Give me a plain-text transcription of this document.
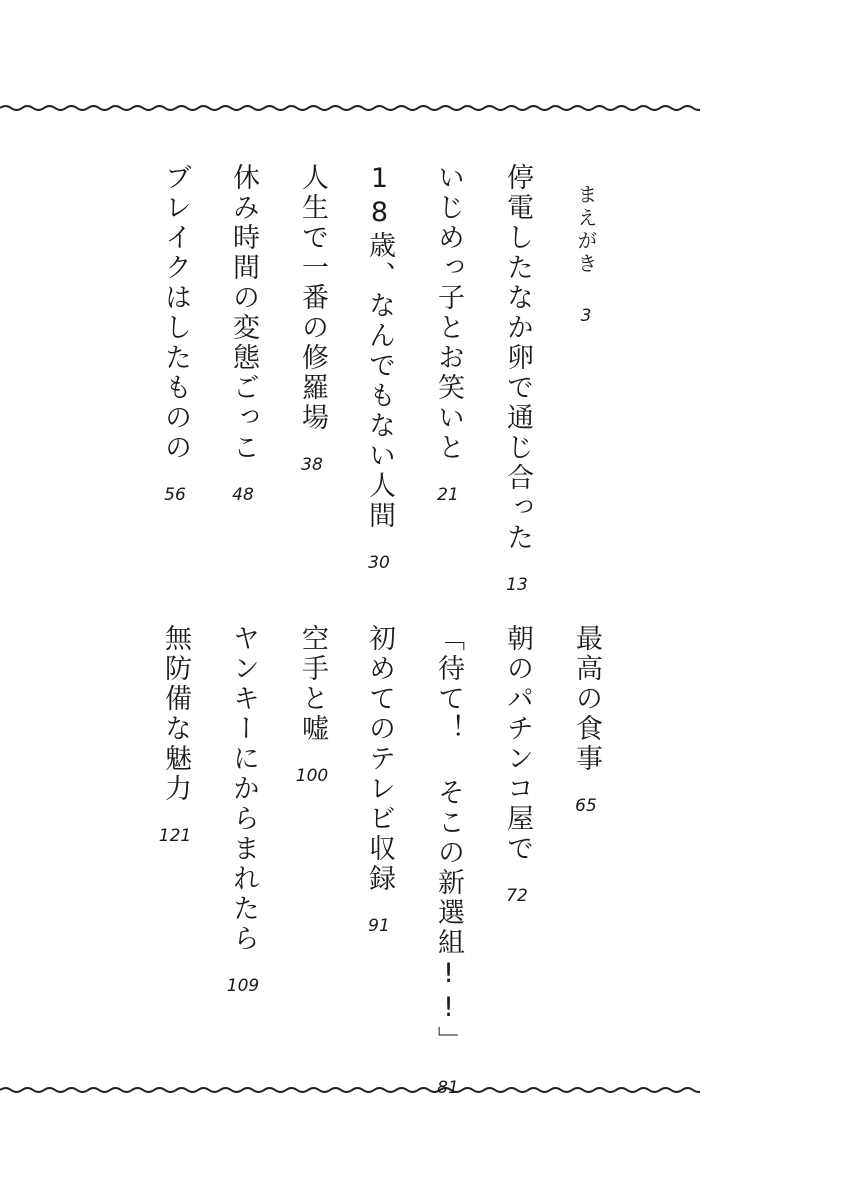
まえがき3
停電したなか卵で通じ合った13
いじめっ子とお笑いと21
18歳、なんでもない人間30
人生で一番の修羅場38
休み時間の変態ごっこ48
ブレイクはしたものの56
最高の食事65
朝のパチンコ屋で72
「待て！ そこの新選組!!」81
初めてのテレビ収録91
空手と嘘100
ヤンキーにからまれたら109
無防備な魅力121
